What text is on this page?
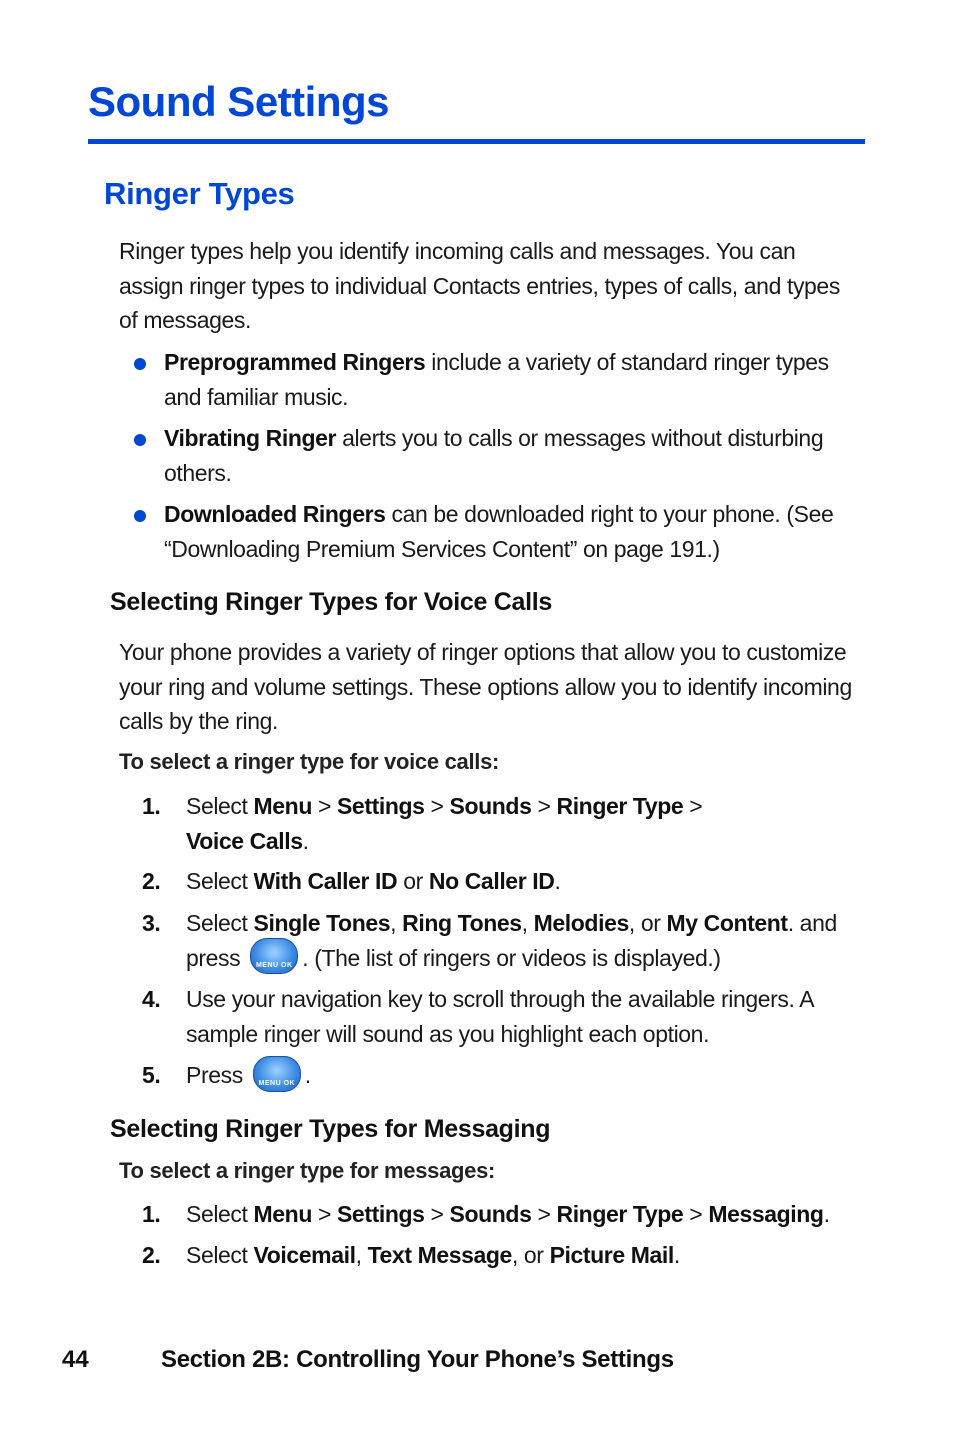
Sound Settings
Ringer Types

Ringer types help you identify incoming calls and messages. You can assign ringer types to individual Contacts entries, types of calls, and types of messages.

Preprogrammed Ringers include a variety of standard ringer types and familiar music.

Vibrating Ringer alerts you to calls or messages without disturbing others.

Downloaded Ringers can be downloaded right to your phone. (See “Downloading Premium Services Content” on page 191.)

Selecting Ringer Types for Voice Calls

Your phone provides a variety of ringer options that allow you to customize your ring and volume settings. These options allow you to identify incoming calls by the ring.

To select a ringer type for voice calls:

1. Select Menu > Settings > Sounds > Ringer Type >
Voice Calls.

2. Select With Caller ID or No Caller ID.

3. Select Single Tones, Ring Tones, Melodies, or My Content. and press	MENU OK . (The list of ringers or videos is displayed.)

4. Use your navigation key to scroll through the available ringers. A sample ringer will sound as you highlight each option.

5. Press	MENU OK .

Selecting Ringer Types for Messaging

To select a ringer type for messages:

1. Select Menu > Settings > Sounds > Ringer Type > Messaging.

2. Select Voicemail, Text Message, or Picture Mail.

44	Section 2B: Controlling Your Phone’s Settings
